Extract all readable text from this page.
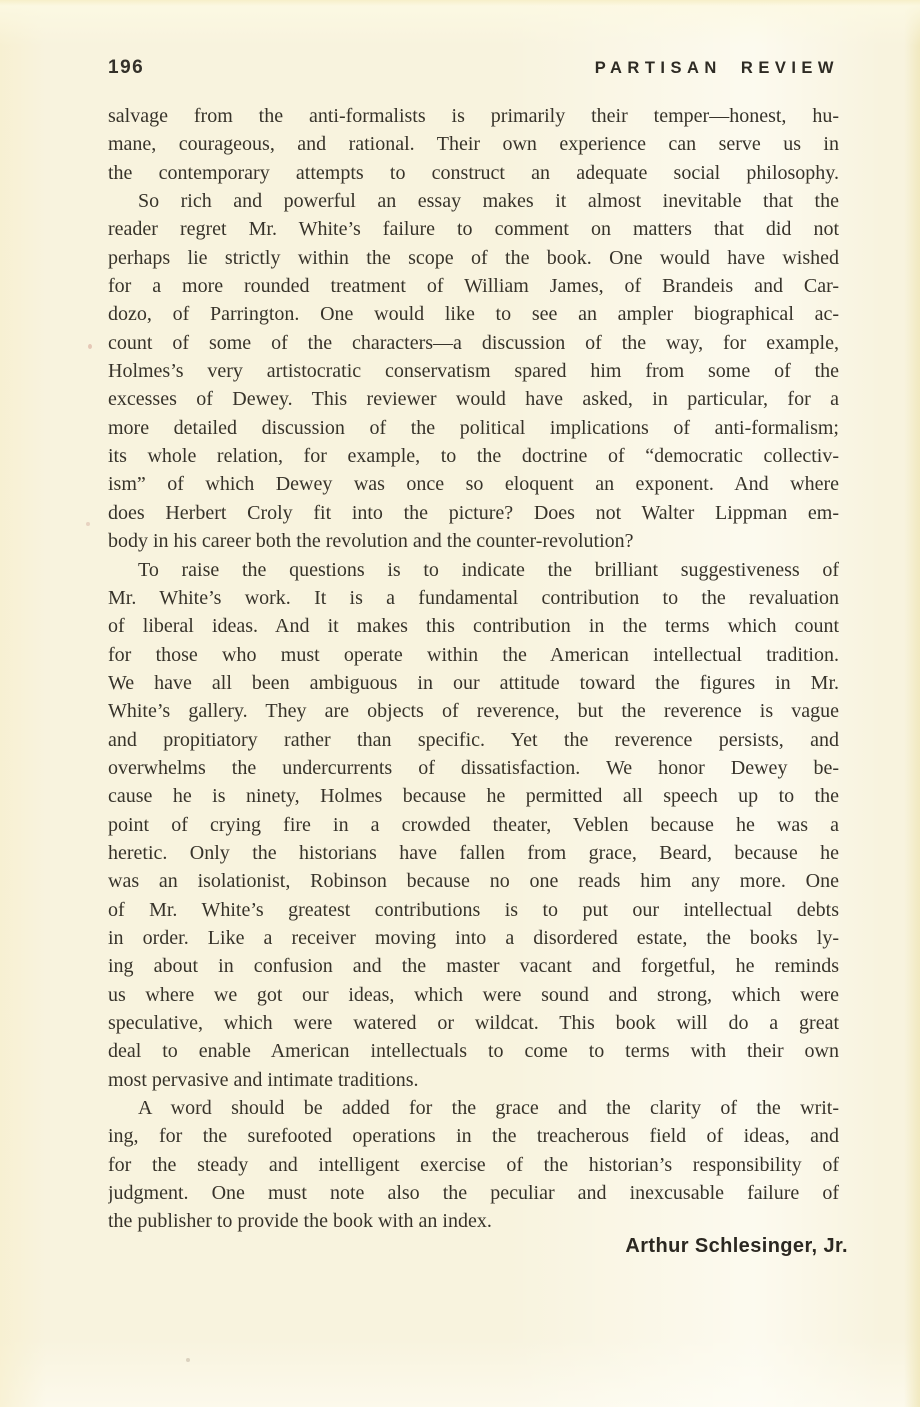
196	PARTISAN REVIEW
salvage from the anti-formalists is primarily their temper—honest, hu-
mane, courageous, and rational. Their own experience can serve us in
the contemporary attempts to construct an adequate social philosophy.
So rich and powerful an essay makes it almost inevitable that the
reader regret Mr. White’s failure to comment on matters that did not
perhaps lie strictly within the scope of the book. One would have wished
for a more rounded treatment of William James, of Brandeis and Car-
dozo, of Parrington. One would like to see an ampler biographical ac-
count of some of the characters—a discussion of the way, for example,
Holmes’s very artistocratic conservatism spared him from some of the
excesses of Dewey. This reviewer would have asked, in particular, for a
more detailed discussion of the political implications of anti-formalism;
its whole relation, for example, to the doctrine of “democratic collectiv-
ism” of which Dewey was once so eloquent an exponent. And where
does Herbert Croly fit into the picture? Does not Walter Lippman em-
body in his career both the revolution and the counter-revolution?
To raise the questions is to indicate the brilliant suggestiveness of
Mr. White’s work. It is a fundamental contribution to the revaluation
of liberal ideas. And it makes this contribution in the terms which count
for those who must operate within the American intellectual tradition.
We have all been ambiguous in our attitude toward the figures in Mr.
White’s gallery. They are objects of reverence, but the reverence is vague
and propitiatory rather than specific. Yet the reverence persists, and
overwhelms the undercurrents of dissatisfaction. We honor Dewey be-
cause he is ninety, Holmes because he permitted all speech up to the
point of crying fire in a crowded theater, Veblen because he was a
heretic. Only the historians have fallen from grace, Beard, because he
was an isolationist, Robinson because no one reads him any more. One
of Mr. White’s greatest contributions is to put our intellectual debts
in order. Like a receiver moving into a disordered estate, the books ly-
ing about in confusion and the master vacant and forgetful, he reminds
us where we got our ideas, which were sound and strong, which were
speculative, which were watered or wildcat. This book will do a great
deal to enable American intellectuals to come to terms with their own
most pervasive and intimate traditions.
A word should be added for the grace and the clarity of the writ-
ing, for the surefooted operations in the treacherous field of ideas, and
for the steady and intelligent exercise of the historian’s responsibility of
judgment. One must note also the peculiar and inexcusable failure of
the publisher to provide the book with an index.
Arthur Schlesinger, Jr.
